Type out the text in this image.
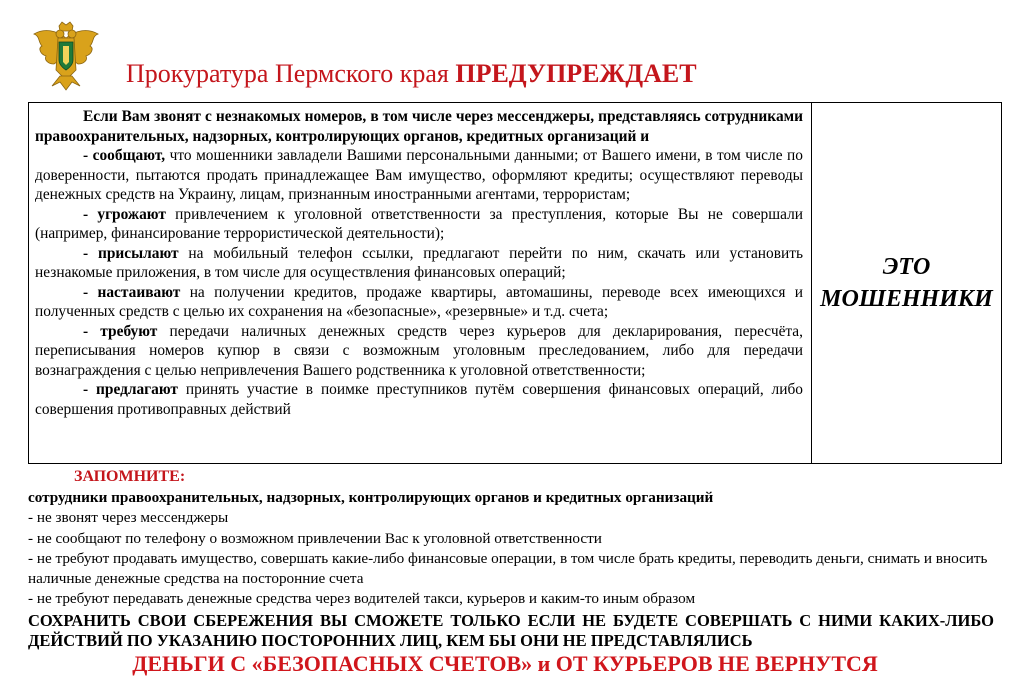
Прокуратура Пермского края ПРЕДУПРЕЖДАЕТ

Если Вам звонят с незнакомых номеров, в том числе через мессенджеры, представляясь сотрудниками правоохранительных, надзорных, контролирующих органов, кредитных организаций и

- сообщают, что мошенники завладели Вашими персональными данными; от Вашего имени, в том числе по доверенности, пытаются продать принадлежащее Вам имущество, оформляют кредиты; осуществляют переводы денежных средств на Украину, лицам, признанным иностранными агентами, террористам;

- угрожают привлечением к уголовной ответственности за преступления, которые Вы не совершали (например, финансирование террористической деятельности);

- присылают на мобильный телефон ссылки, предлагают перейти по ним, скачать или установить незнакомые приложения, в том числе для осуществления финансовых операций;

- настаивают на получении кредитов, продаже квартиры, автомашины, переводе всех имеющихся и полученных средств с целью их сохранения на «безопасные», «резервные» и т.д. счета;

- требуют передачи наличных денежных средств через курьеров для декларирования, пересчёта, переписывания номеров купюр в связи с возможным уголовным преследованием, либо для передачи вознаграждения с целью непривлечения Вашего родственника к уголовной ответственности;

- предлагают принять участие в поимке преступников путём совершения финансовых операций, либо совершения противоправных действий

ЭТО
МОШЕННИКИ
ЗАПОМНИТЕ:

сотрудники правоохранительных, надзорных, контролирующих органов и кредитных организаций

- не звонят через мессенджеры

- не сообщают по телефону о возможном привлечении Вас к уголовной ответственности

- не требуют продавать имущество, совершать какие-либо финансовые операции, в том числе брать кредиты, переводить деньги, снимать и вносить наличные денежные средства на посторонние счета

- не требуют передавать денежные средства через водителей такси, курьеров и каким-то иным образом

СОХРАНИТЬ СВОИ СБЕРЕЖЕНИЯ ВЫ СМОЖЕТЕ ТОЛЬКО ЕСЛИ НЕ БУДЕТЕ СОВЕРШАТЬ С НИМИ КАКИХ-ЛИБО ДЕЙСТВИЙ ПО УКАЗАНИЮ ПОСТОРОННИХ ЛИЦ, КЕМ БЫ ОНИ НЕ ПРЕДСТАВЛЯЛИСЬ
ДЕНЬГИ С «БЕЗОПАСНЫХ СЧЕТОВ» и ОТ КУРЬЕРОВ НЕ ВЕРНУТСЯ
